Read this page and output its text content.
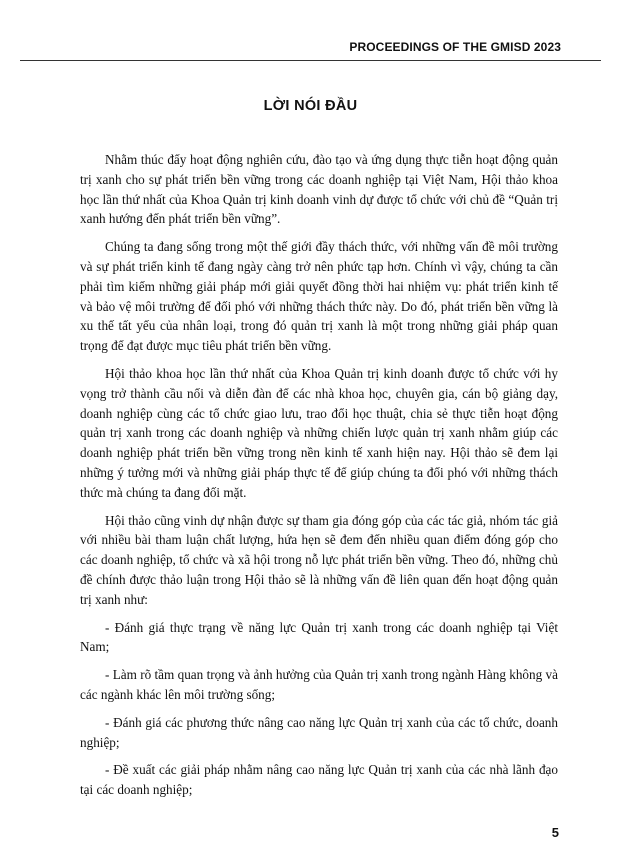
PROCEEDINGS OF THE GMISD 2023
LỜI NÓI ĐẦU

Nhằm thúc đẩy hoạt động nghiên cứu, đào tạo và ứng dụng thực tiễn hoạt động quản trị xanh cho sự phát triển bền vững trong các doanh nghiệp tại Việt Nam, Hội thảo khoa học lần thứ nhất của Khoa Quản trị kinh doanh vinh dự được tổ chức với chủ đề “Quản trị xanh hướng đến phát triển bền vững”.

Chúng ta đang sống trong một thế giới đầy thách thức, với những vấn đề môi trường và sự phát triển kinh tế đang ngày càng trở nên phức tạp hơn. Chính vì vậy, chúng ta cần phải tìm kiếm những giải pháp mới giải quyết đồng thời hai nhiệm vụ: phát triển kinh tế và bảo vệ môi trường để đối phó với những thách thức này. Do đó, phát triển bền vững là xu thế tất yếu của nhân loại, trong đó quản trị xanh là một trong những giải pháp quan trọng để đạt được mục tiêu phát triển bền vững.

Hội thảo khoa học lần thứ nhất của Khoa Quản trị kinh doanh được tổ chức với hy vọng trở thành cầu nối và diễn đàn để các nhà khoa học, chuyên gia, cán bộ giảng dạy, doanh nghiệp cùng các tổ chức giao lưu, trao đổi học thuật, chia sẻ thực tiễn hoạt động quản trị xanh trong các doanh nghiệp và những chiến lược quản trị xanh nhằm giúp các doanh nghiệp phát triển bền vững trong nền kinh tế xanh hiện nay. Hội thảo sẽ đem lại những ý tưởng mới và những giải pháp thực tế để giúp chúng ta đối phó với những thách thức mà chúng ta đang đối mặt.

Hội thảo cũng vinh dự nhận được sự tham gia đóng góp của các tác giả, nhóm tác giả với nhiều bài tham luận chất lượng, hứa hẹn sẽ đem đến nhiều quan điểm đóng góp cho các doanh nghiệp, tổ chức và xã hội trong nỗ lực phát triển bền vững. Theo đó, những chủ đề chính được thảo luận trong Hội thảo sẽ là những vấn đề liên quan đến hoạt động quản trị xanh như:

- Đánh giá thực trạng về năng lực Quản trị xanh trong các doanh nghiệp tại Việt Nam;

- Làm rõ tầm quan trọng và ảnh hưởng của Quản trị xanh trong ngành Hàng không và các ngành khác lên môi trường sống;

- Đánh giá các phương thức nâng cao năng lực Quản trị xanh của các tổ chức, doanh nghiệp;

- Đề xuất các giải pháp nhằm nâng cao năng lực Quản trị xanh của các nhà lãnh đạo tại các doanh nghiệp;

5
